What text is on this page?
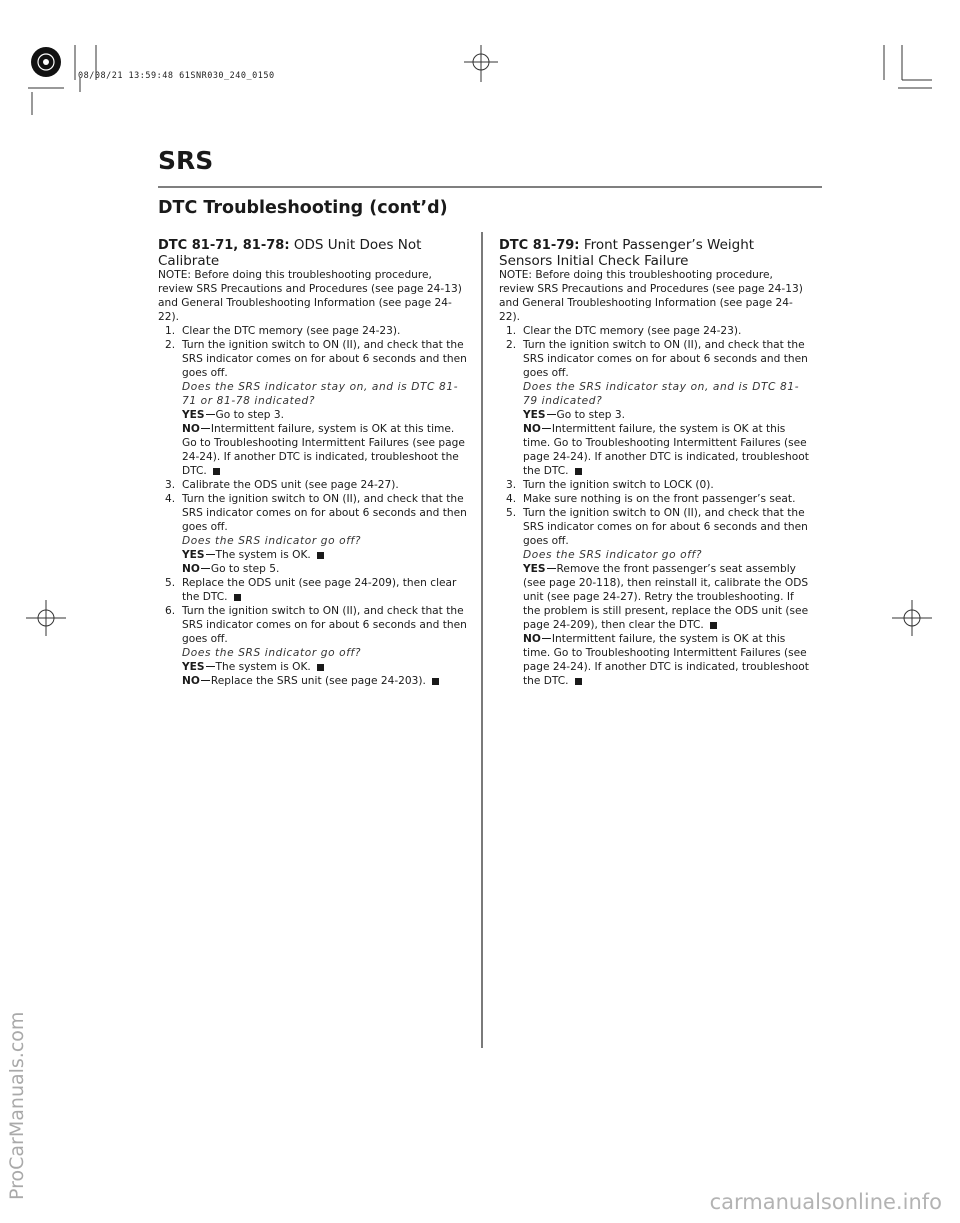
08/08/21 13:59:48 61SNR030_240_0150
SRS
DTC Troubleshooting (cont’d)

DTC 81-71, 81-78: ODS Unit Does Not
Calibrate

NOTE: Before doing this troubleshooting procedure, review SRS Precautions and Procedures (see page 24-13) and General Troubleshooting Information (see page 24-22).

1. Clear the DTC memory (see page 24-23).

2. Turn the ignition switch to ON (II), and check that the SRS indicator comes on for about 6 seconds and then goes off.

Does the SRS indicator stay on, and is DTC 81-71 or 81-78 indicated?

YES Go to step 3.

NO Intermittent failure, system is OK at this time. Go to Troubleshooting Intermittent Failures (see page 24-24). If another DTC is indicated, troubleshoot the DTC.

3. Calibrate the ODS unit (see page 24-27).

4. Turn the ignition switch to ON (II), and check that the SRS indicator comes on for about 6 seconds and then goes off.

Does the SRS indicator go off?

YES The system is OK.

NO Go to step 5.

5. Replace the ODS unit (see page 24-209), then clear the DTC.

6. Turn the ignition switch to ON (II), and check that the SRS indicator comes on for about 6 seconds and then goes off.

Does the SRS indicator go off?

YES The system is OK.

NO Replace the SRS unit (see page 24-203).

DTC 81-79: Front Passenger’s Weight
Sensors Initial Check Failure

NOTE: Before doing this troubleshooting procedure, review SRS Precautions and Procedures (see page 24-13) and General Troubleshooting Information (see page 24-22).

1. Clear the DTC memory (see page 24-23).

2. Turn the ignition switch to ON (II), and check that the SRS indicator comes on for about 6 seconds and then goes off.

Does the SRS indicator stay on, and is DTC 81-79 indicated?

YES Go to step 3.

NO Intermittent failure, the system is OK at this time. Go to Troubleshooting Intermittent Failures (see page 24-24). If another DTC is indicated, troubleshoot the DTC.

3. Turn the ignition switch to LOCK (0).

4. Make sure nothing is on the front passenger’s seat.

5. Turn the ignition switch to ON (II), and check that the SRS indicator comes on for about 6 seconds and then goes off.

Does the SRS indicator go off?

YES Remove the front passenger’s seat assembly (see page 20-118), then reinstall it, calibrate the ODS unit (see page 24-27). Retry the troubleshooting. If the problem is still present, replace the ODS unit (see page 24-209), then clear the DTC.

NO Intermittent failure, the system is OK at this time. Go to Troubleshooting Intermittent Failures (see page 24-24). If another DTC is indicated, troubleshoot the DTC.

ProCarManuals.com
carmanualsonline.info
